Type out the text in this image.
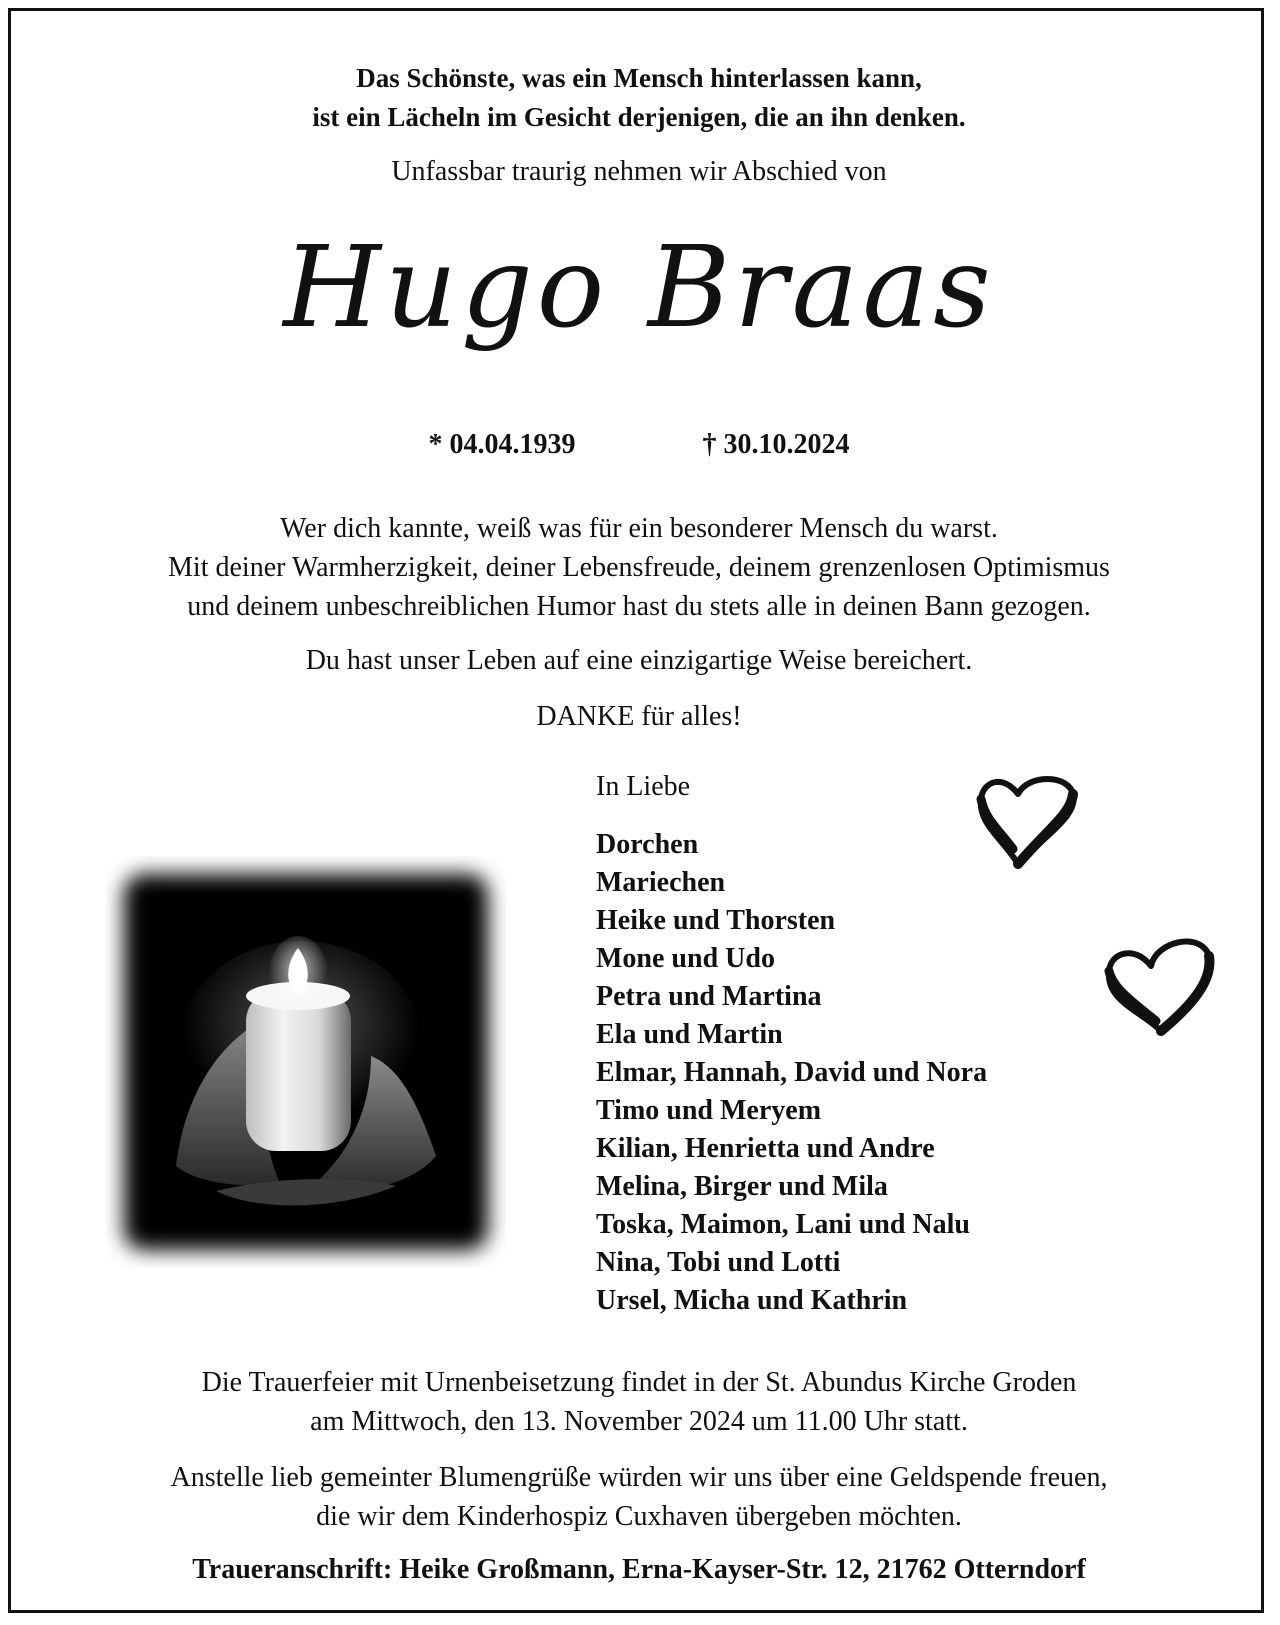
Das Schönste, was ein Mensch hinterlassen kann,
ist ein Lächeln im Gesicht derjenigen, die an ihn denken.
Unfassbar traurig nehmen wir Abschied von
Hugo Braas
* 04.04.1939	† 30.10.2024
Wer dich kannte, weiß was für ein besonderer Mensch du warst.
Mit deiner Warmherzigkeit, deiner Lebensfreude, deinem grenzenlosen Optimismus
und deinem unbeschreiblichen Humor hast du stets alle in deinen Bann gezogen.
Du hast unser Leben auf eine einzigartige Weise bereichert.
DANKE für alles!
In Liebe
Dorchen
Mariechen
Heike und Thorsten
Mone und Udo
Petra und Martina
Ela und Martin
Elmar, Hannah, David und Nora
Timo und Meryem
Kilian, Henrietta und Andre
Melina, Birger und Mila
Toska, Maimon, Lani und Nalu
Nina, Tobi und Lotti
Ursel, Micha und Kathrin
Die Trauerfeier mit Urnenbeisetzung findet in der St. Abundus Kirche Groden
am Mittwoch, den 13. November 2024 um 11.00 Uhr statt.
Anstelle lieb gemeinter Blumengrüße würden wir uns über eine Geldspende freuen,
die wir dem Kinderhospiz Cuxhaven übergeben möchten.
Traueranschrift: Heike Großmann, Erna-Kayser-Str. 12, 21762 Otterndorf
